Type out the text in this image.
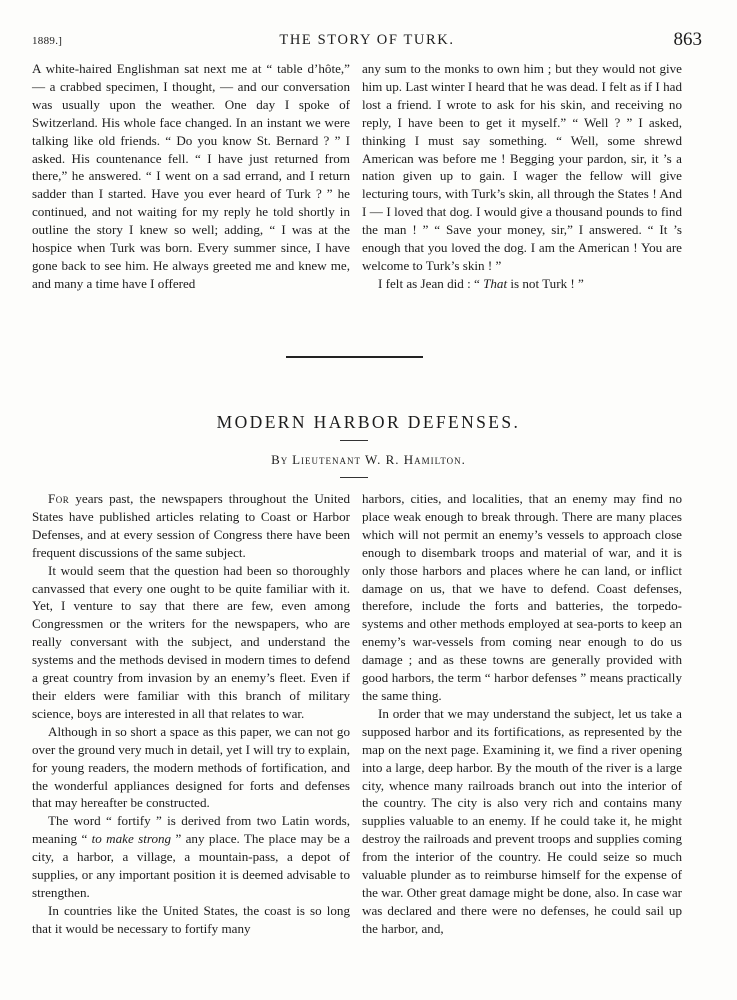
1889.]	THE STORY OF TURK.	863

A white-haired Englishman sat next me at “ table d’hôte,” — a crabbed specimen, I thought, — and our conversation was usually upon the weather. One day I spoke of Switzerland. His whole face changed. In an instant we were talking like old friends. “ Do you know St. Bernard ? ” I asked. His countenance fell. “ I have just returned from there,” he answered. “ I went on a sad errand, and I return sadder than I started. Have you ever heard of Turk ? ” he continued, and not waiting for my reply he told shortly in outline the story I knew so well; adding, “ I was at the hospice when Turk was born. Every summer since, I have gone back to see him. He always greeted me and knew me, and many a time have I offered

any sum to the monks to own him ; but they would not give him up. Last winter I heard that he was dead. I felt as if I had lost a friend. I wrote to ask for his skin, and receiving no reply, I have been to get it myself.” “ Well ? ” I asked, thinking I must say something. “ Well, some shrewd American was before me ! Begging your pardon, sir, it ’s a nation given up to gain. I wager the fellow will give lecturing tours, with Turk’s skin, all through the States ! And I — I loved that dog. I would give a thousand pounds to find the man ! ” “ Save your money, sir,” I answered. “ It ’s enough that you loved the dog. I am the American ! You are welcome to Turk’s skin ! ”

I felt as Jean did : “ That is not Turk ! ”

MODERN HARBOR DEFENSES.
By Lieutenant W. R. Hamilton.

For years past, the newspapers throughout the United States have published articles relating to Coast or Harbor Defenses, and at every session of Congress there have been frequent discussions of the same subject.

It would seem that the question had been so thoroughly canvassed that every one ought to be quite familiar with it. Yet, I venture to say that there are few, even among Congressmen or the writers for the newspapers, who are really conversant with the subject, and understand the systems and the methods devised in modern times to defend a great country from invasion by an enemy’s fleet. Even if their elders were familiar with this branch of military science, boys are interested in all that relates to war.

Although in so short a space as this paper, we can not go over the ground very much in detail, yet I will try to explain, for young readers, the modern methods of fortification, and the wonderful appliances designed for forts and defenses that may hereafter be constructed.

The word “ fortify ” is derived from two Latin words, meaning “ to make strong ” any place. The place may be a city, a harbor, a village, a mountain-pass, a depot of supplies, or any important position it is deemed advisable to strengthen.

In countries like the United States, the coast is so long that it would be necessary to fortify many

harbors, cities, and localities, that an enemy may find no place weak enough to break through. There are many places which will not permit an enemy’s vessels to approach close enough to disembark troops and material of war, and it is only those harbors and places where he can land, or inflict damage on us, that we have to defend. Coast defenses, therefore, include the forts and batteries, the torpedo-systems and other methods employed at sea-ports to keep an enemy’s war-vessels from coming near enough to do us damage ; and as these towns are generally provided with good harbors, the term “ harbor defenses ” means practically the same thing.

In order that we may understand the subject, let us take a supposed harbor and its fortifications, as represented by the map on the next page. Examining it, we find a river opening into a large, deep harbor. By the mouth of the river is a large city, whence many railroads branch out into the interior of the country. The city is also very rich and contains many supplies valuable to an enemy. If he could take it, he might destroy the railroads and prevent troops and supplies coming from the interior of the country. He could seize so much valuable plunder as to reimburse himself for the expense of the war. Other great damage might be done, also. In case war was declared and there were no defenses, he could sail up the harbor, and,
